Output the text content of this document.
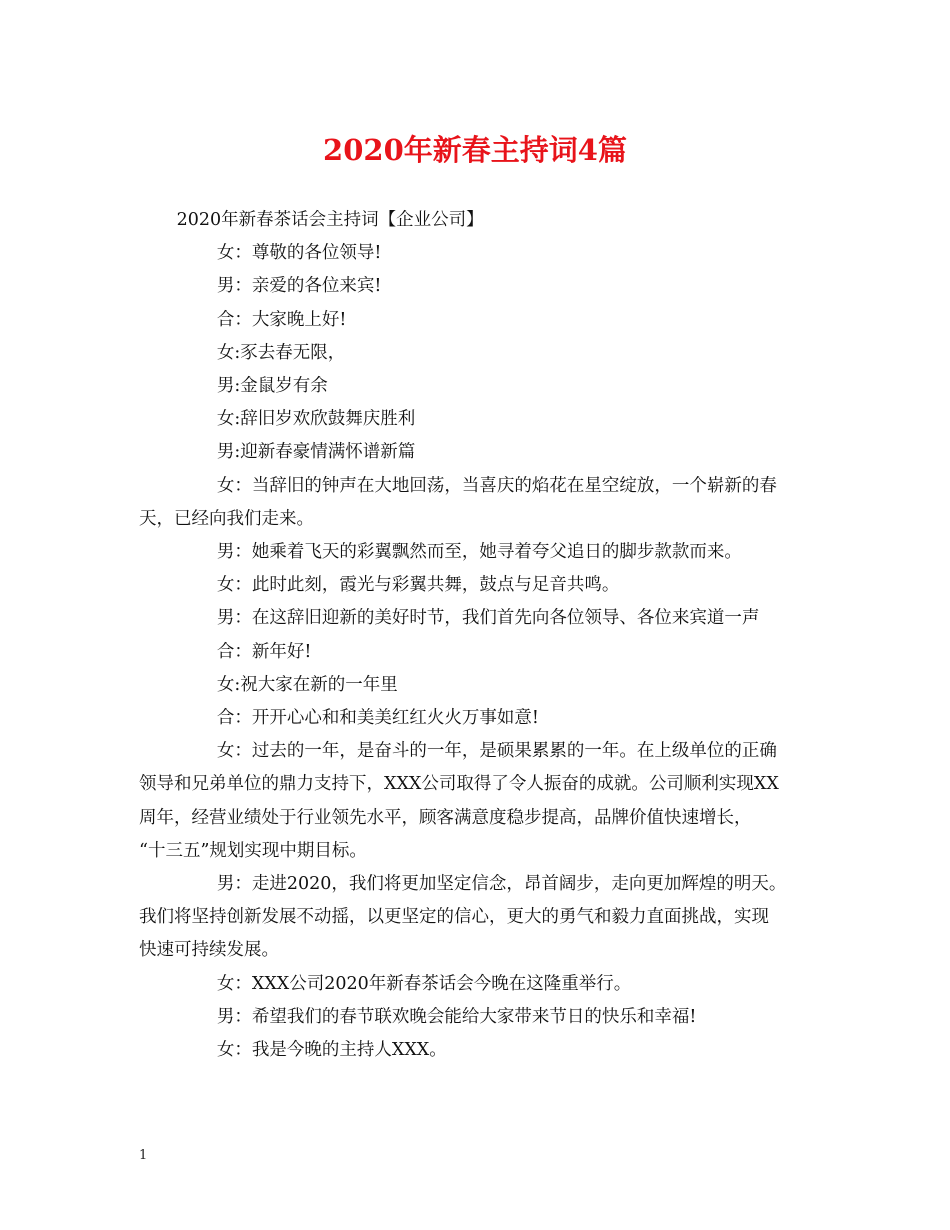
2020年新春主持词4篇

2020年新春茶话会主持词【企业公司】

女：尊敬的各位领导!

男：亲爱的各位来宾!

合：大家晚上好!

女:豕去春无限，

男:金鼠岁有余

女:辞旧岁欢欣鼓舞庆胜利

男:迎新春豪情满怀谱新篇

女：当辞旧的钟声在大地回荡，当喜庆的焰花在星空绽放，一个崭新的春

天，已经向我们走来。

男：她乘着飞天的彩翼飘然而至，她寻着夸父追日的脚步款款而来。

女：此时此刻，霞光与彩翼共舞，鼓点与足音共鸣。

男：在这辞旧迎新的美好时节，我们首先向各位领导、各位来宾道一声

合：新年好!

女:祝大家在新的一年里

合：开开心心和和美美红红火火万事如意!

女：过去的一年，是奋斗的一年，是硕果累累的一年。在上级单位的正确

领导和兄弟单位的鼎力支持下，XXX公司取得了令人振奋的成就。公司顺利实现XX

周年，经营业绩处于行业领先水平，顾客满意度稳步提高，品牌价值快速增长，

“十三五”规划实现中期目标。

男：走进2020，我们将更加坚定信念，昂首阔步，走向更加辉煌的明天。

我们将坚持创新发展不动摇，以更坚定的信心，更大的勇气和毅力直面挑战，实现

快速可持续发展。

女：XXX公司2020年新春茶话会今晚在这隆重举行。

男：希望我们的春节联欢晚会能给大家带来节日的快乐和幸福!

女：我是今晚的主持人XXX。

1
